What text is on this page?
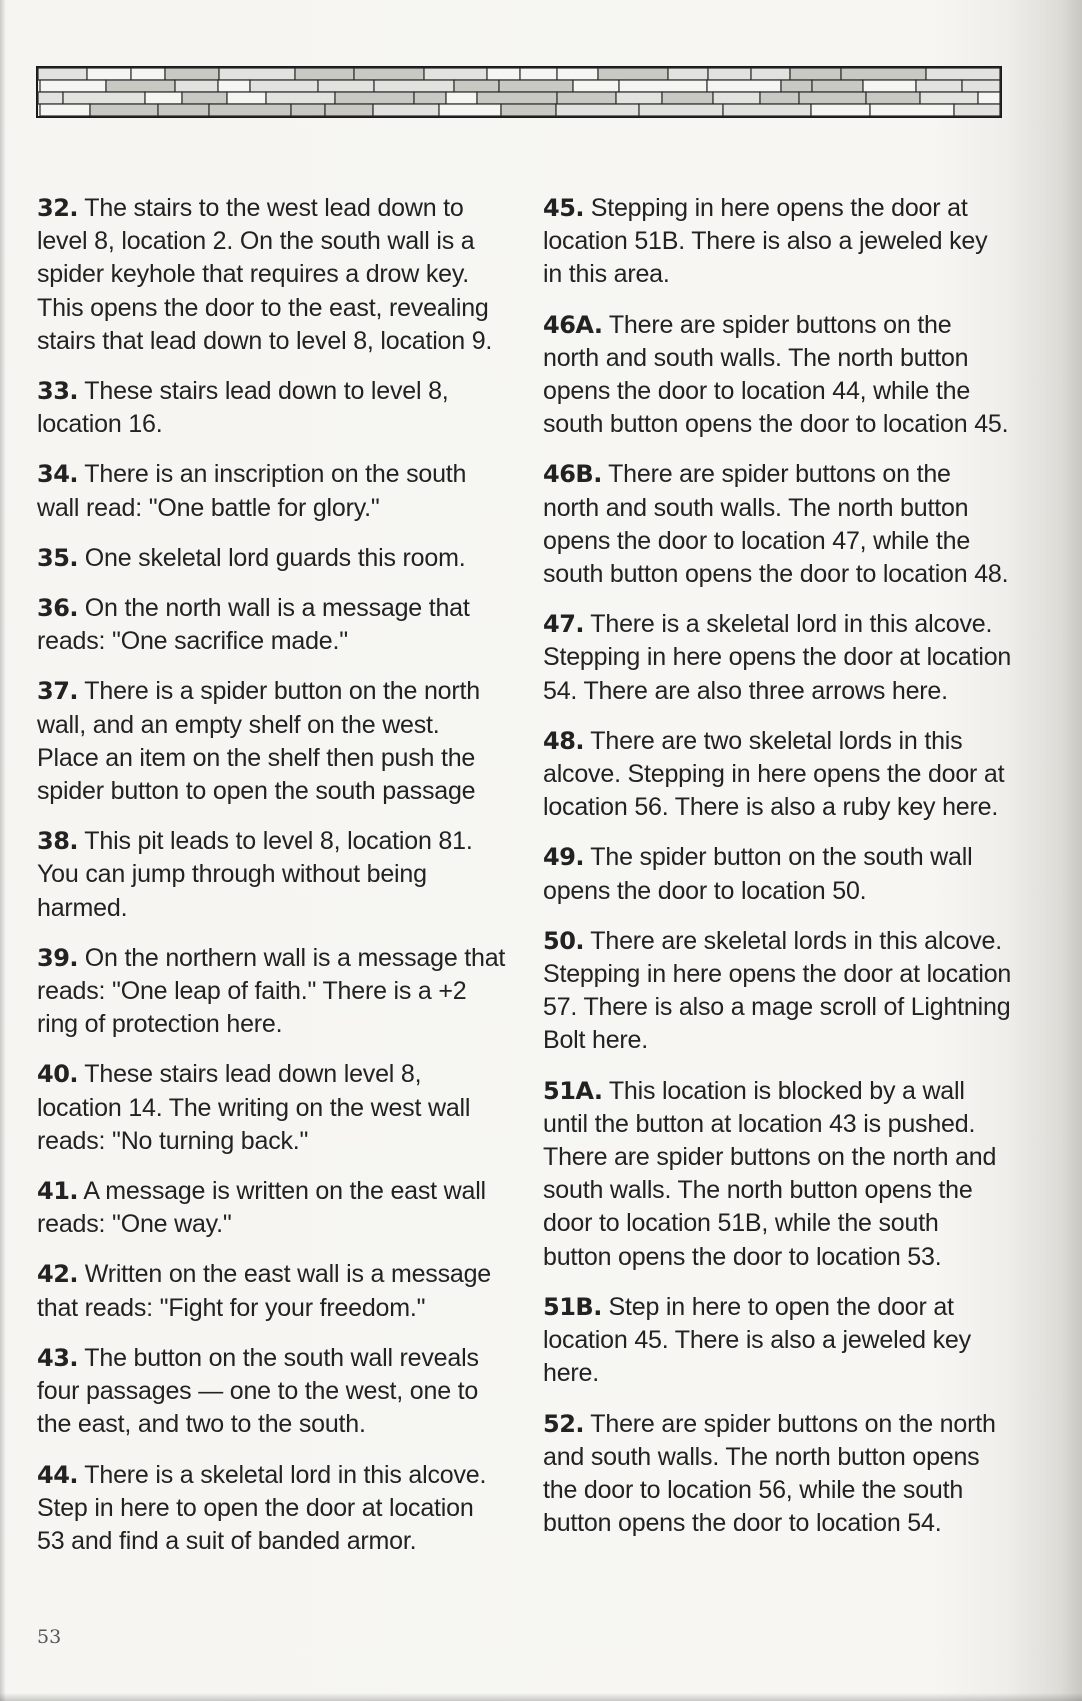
32. The stairs to the west lead down to level 8, location 2. On the south wall is a spider keyhole that requires a drow key. This opens the door to the east, revealing stairs that lead down to level 8, location 9.

33. These stairs lead down to level 8, location 16.

34. There is an inscription on the south wall read: "One battle for glory."

35. One skeletal lord guards this room.

36. On the north wall is a message that reads: "One sacrifice made."

37. There is a spider button on the north wall, and an empty shelf on the west. Place an item on the shelf then push the spider button to open the south passage

38. This pit leads to level 8, location 81. You can jump through without being harmed.

39. On the northern wall is a message that reads: "One leap of faith." There is a +2 ring of protection here.

40. These stairs lead down level 8, location 14. The writing on the west wall reads: "No turning back."

41. A message is written on the east wall reads: "One way."

42. Written on the east wall is a message that reads: "Fight for your freedom."

43. The button on the south wall reveals four passages — one to the west, one to the east, and two to the south.

44. There is a skeletal lord in this alcove. Step in here to open the door at location 53 and find a suit of banded armor.

45. Stepping in here opens the door at location 51B. There is also a jeweled key in this area.

46A. There are spider buttons on the north and south walls. The north button opens the door to location 44, while the south button opens the door to location 45.

46B. There are spider buttons on the north and south walls. The north button opens the door to location 47, while the south button opens the door to location 48.

47. There is a skeletal lord in this alcove. Stepping in here opens the door at location 54. There are also three arrows here.

48. There are two skeletal lords in this alcove. Stepping in here opens the door at location 56. There is also a ruby key here.

49. The spider button on the south wall opens the door to location 50.

50. There are skeletal lords in this alcove. Stepping in here opens the door at location 57. There is also a mage scroll of Lightning Bolt here.

51A. This location is blocked by a wall until the button at location 43 is pushed. There are spider buttons on the north and south walls. The north button opens the door to location 51B, while the south button opens the door to location 53.

51B. Step in here to open the door at location 45. There is also a jeweled key here.

52. There are spider buttons on the north and south walls. The north button opens the door to location 56, while the south button opens the door to location 54.

53
